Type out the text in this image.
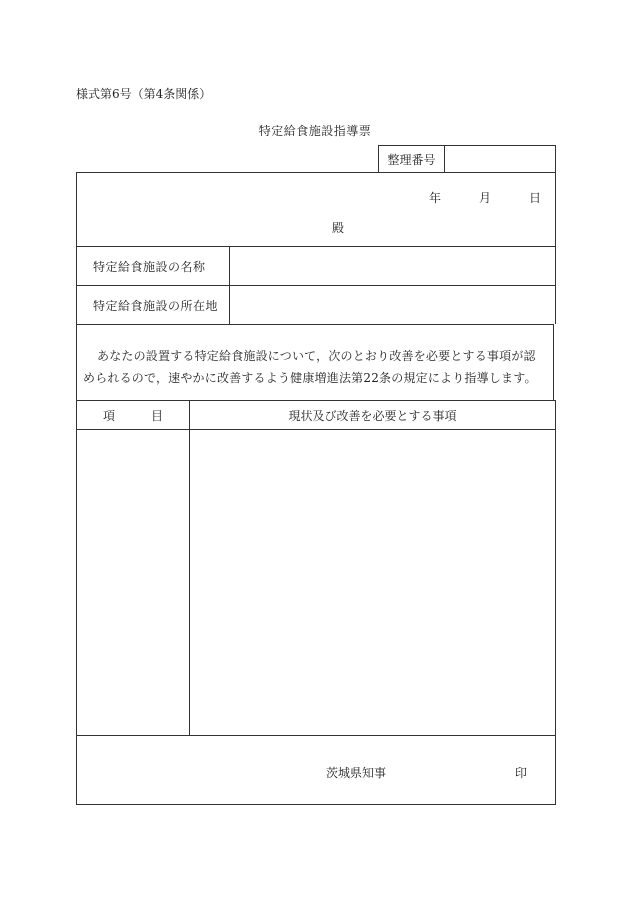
様式第6号（第4条関係）
特定給食施設指導票
整理番号
年	月	日
殿
特定給食施設の名称
特定給食施設の所在地
あなたの設置する特定給食施設について，次のとおり改善を必要とする事項が認められるので，速やかに改善するよう健康増進法第22条の規定により指導します。
項　　　目	現状及び改善を必要とする事項
茨城県知事	印
